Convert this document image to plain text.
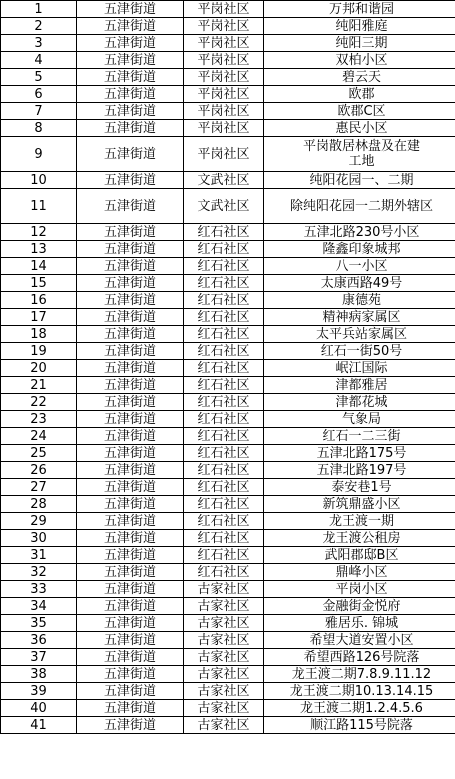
1	五津街道	平岗社区	万邦和谐园
2	五津街道	平岗社区	纯阳雅庭
3	五津街道	平岗社区	纯阳三期
4	五津街道	平岗社区	双柏小区
5	五津街道	平岗社区	碧云天
6	五津街道	平岗社区	欧郡
7	五津街道	平岗社区	欧郡C区
8	五津街道	平岗社区	惠民小区
9	五津街道	平岗社区	平岗散居林盘及在建工地
10	五津街道	文武社区	纯阳花园一、二期
11	五津街道	文武社区	除纯阳花园一二期外辖区
12	五津街道	红石社区	五津北路230号小区
13	五津街道	红石社区	隆鑫印象城邦
14	五津街道	红石社区	八一小区
15	五津街道	红石社区	太康西路49号
16	五津街道	红石社区	康德苑
17	五津街道	红石社区	精神病家属区
18	五津街道	红石社区	太平兵站家属区
19	五津街道	红石社区	红石一街50号
20	五津街道	红石社区	岷江国际
21	五津街道	红石社区	津都雅居
22	五津街道	红石社区	津都花城
23	五津街道	红石社区	气象局
24	五津街道	红石社区	红石一二三街
25	五津街道	红石社区	五津北路175号
26	五津街道	红石社区	五津北路197号
27	五津街道	红石社区	泰安巷1号
28	五津街道	红石社区	新筑鼎盛小区
29	五津街道	红石社区	龙王渡一期
30	五津街道	红石社区	龙王渡公租房
31	五津街道	红石社区	武阳郡邸B区
32	五津街道	红石社区	鼎峰小区
33	五津街道	古家社区	平岗小区
34	五津街道	古家社区	金融街金悦府
35	五津街道	古家社区	雅居乐. 锦城
36	五津街道	古家社区	希望大道安置小区
37	五津街道	古家社区	希望西路126号院落
38	五津街道	古家社区	龙王渡二期7.8.9.11.12
39	五津街道	古家社区	龙王渡二期10.13.14.15
40	五津街道	古家社区	龙王渡二期1.2.4.5.6
41	五津街道	古家社区	顺江路115号院落
